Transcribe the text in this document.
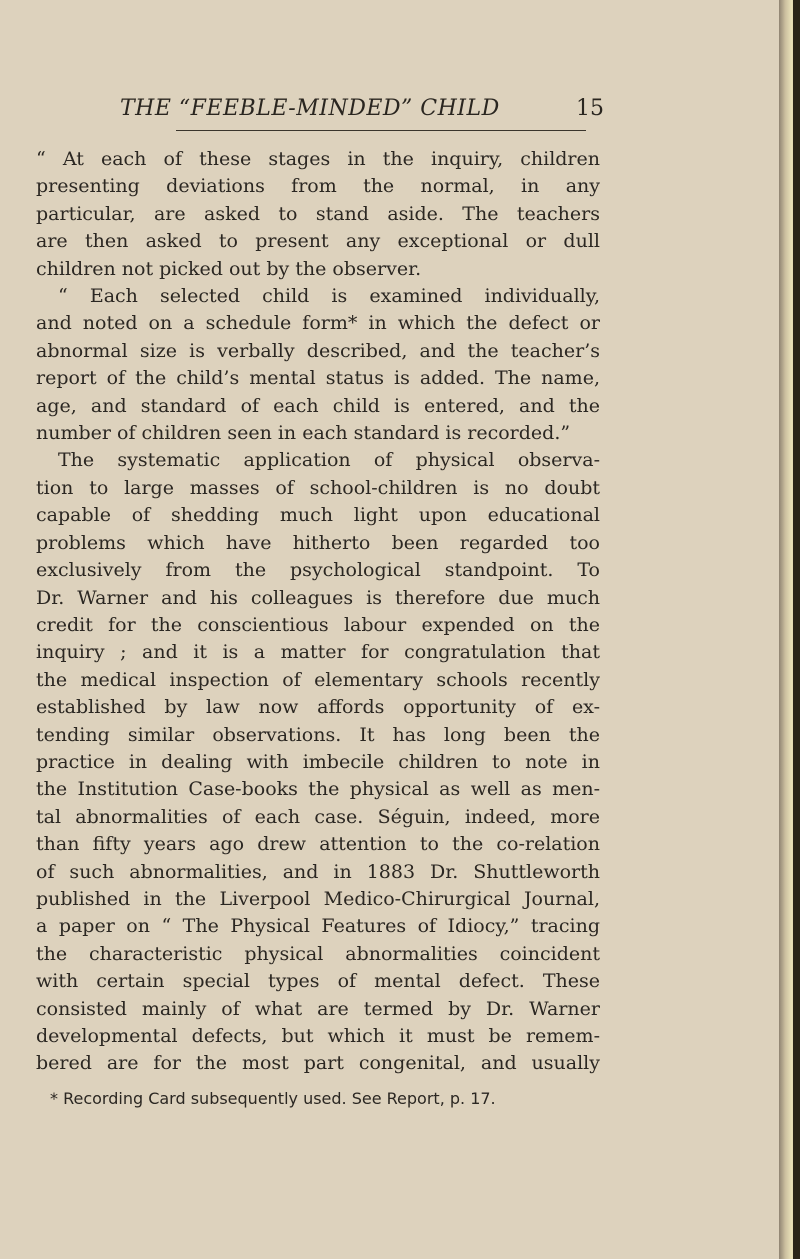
THE “FEEBLE-MINDED” CHILD	15
“ At each of these stages in the inquiry, children
presenting deviations from the normal, in any
particular, are asked to stand aside. The teachers
are then asked to present any exceptional or dull
children not picked out by the observer.
“ Each selected child is examined individually,
and noted on a schedule form* in which the defect or
abnormal size is verbally described, and the teacher’s
report of the child’s mental status is added. The name,
age, and standard of each child is entered, and the
number of children seen in each standard is recorded.”
The systematic application of physical observa-
tion to large masses of school-children is no doubt
capable of shedding much light upon educational
problems which have hitherto been regarded too
exclusively from the psychological standpoint. To
Dr. Warner and his colleagues is therefore due much
credit for the conscientious labour expended on the
inquiry ; and it is a matter for congratulation that
the medical inspection of elementary schools recently
established by law now affords opportunity of ex-
tending similar observations. It has long been the
practice in dealing with imbecile children to note in
the Institution Case-books the physical as well as men-
tal abnormalities of each case. Séguin, indeed, more
than fifty years ago drew attention to the co-relation
of such abnormalities, and in 1883 Dr. Shuttleworth
published in the Liverpool Medico-Chirurgical Journal,
a paper on “ The Physical Features of Idiocy,” tracing
the characteristic physical abnormalities coincident
with certain special types of mental defect. These
consisted mainly of what are termed by Dr. Warner
developmental defects, but which it must be remem-
bered are for the most part congenital, and usually
* Recording Card subsequently used. See Report, p. 17.
